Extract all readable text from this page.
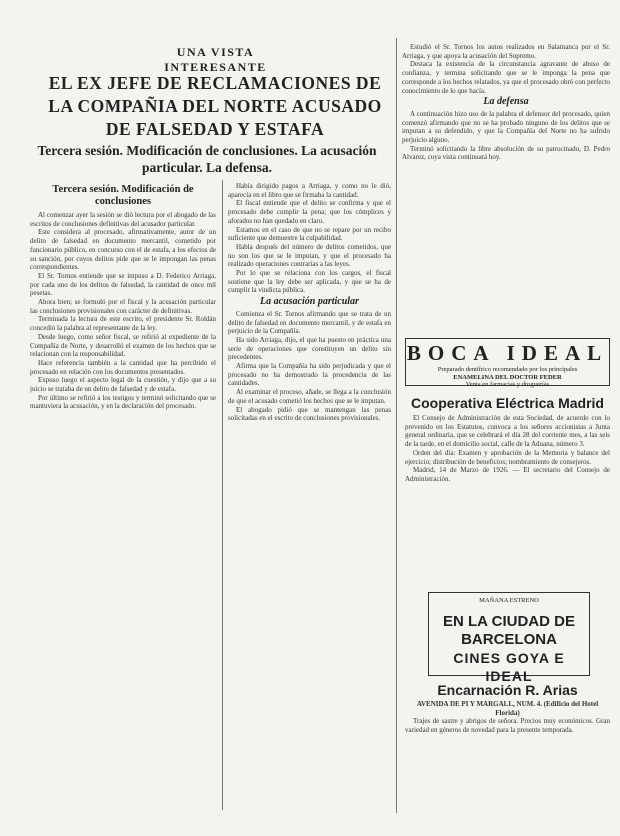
UNA VISTA INTERESANTE
EL EX JEFE DE RECLAMACIONES DE LA COMPAÑIA DEL NORTE ACUSADO DE FALSEDAD Y ESTAFA
Tercera sesión. Modificación de conclusiones. La acusación particular. La defensa.
Tercera sesión. Modificación de conclusiones

Al comenzar ayer la sesión se dió lectura por el abogado de las escritos de conclusiones definitivas del acusador particular.

Este considera al procesado, afirmativamente, autor de un delito de falsedad en documento mercantil, cometido por funcionario público, en concurso con el de estafa, a los efectos de su sanción, por cuyos delitos pide que se le impongan las penas correspondientes.

El Sr. Tornos entiende que se impuso a D. Federico Arriaga, por cada uno de los delitos de falsedad, la cantidad de once mil pesetas.

Ahora bien; se formuló por el fiscal y la acusación particular las conclusiones provisionales con carácter de definitivas.

Terminada la lectura de este escrito, el presidente Sr. Roldán concedió la palabra al representante de la ley.

Desde luego, como señor fiscal, se refirió al expediente de la Compañía de Norte, y desarrolló el examen de los hechos que se relacionan con la responsabilidad.

Hace referencia también a la cantidad que ha percibido el procesado en relación con los documentos presentados.

Expuso luego el aspecto legal de la cuestión, y dijo que a su juicio se trataba de un delito de falsedad y de estafa.

Por último se refirió a los testigos y terminó solicitando que se mantuviera la acusación, y en la declaración del procesado.

Había dirigido pagos a Arriaga, y como no le dió, aparecía en el libro que se firmaba la cantidad.

El fiscal entiende que el delito se confirma y que el procesado debe cumplir la pena; que los cómplices y aforados no han quedado en claro.

Estamos en el caso de que no se repare por un recibo suficiente que demuestre la culpabilidad.

Habla después del número de delitos cometidos, que no son los que se le imputan, y que el procesado ha realizado operaciones contrarias a las leyes.

Por lo que se relaciona con los cargos, el fiscal sostiene que la ley debe ser aplicada, y que se ha de cumplir la vindicta pública.

La acusación particular

Comienza el Sr. Tornos afirmando que se trata de un delito de falsedad en documento mercantil, y de estafa en perjuicio de la Compañía.

Ha sido Arriaga, dijo, el que ha puesto en práctica una serie de operaciones que constituyen un delito sin precedentes.

Afirma que la Compañía ha sido perjudicada y que el procesado no ha demostrado la procedencia de las cantidades.

Al examinar el proceso, añade, se llega a la conclusión de que el acusado cometió los hechos que se le imputan.

El abogado pidió que se mantengan las penas solicitadas en el escrito de conclusiones provisionales.

Estudió el Sr. Tornos los autos realizados en Salamanca por el Sr. Arriaga, y que apoya la acusación del Supremo.

Destaca la existencia de la circunstancia agravante de abuso de confianza, y termina solicitando que se le imponga la pena que corresponde a los hechos relatados, ya que el procesado obró con perfecto conocimiento de lo que hacía.

La defensa

A continuación hizo uso de la palabra el defensor del procesado, quien comenzó afirmando que no se ha probado ninguno de los delitos que se imputan a su defendido, y que la Compañía del Norte no ha sufrido perjuicio alguno.

Terminó solicitando la libre absolución de su patrocinado, D. Pedro Alvarez, cuya vista continuará hoy.

BOCA IDEAL
Preparado dentífrico recomendado por los principales
ENAMELINA DEL DOCTOR FEDER
Venta en farmacias y droguerías
Cooperativa Eléctrica Madrid

El Consejo de Administración de esta Sociedad, de acuerdo con lo prevenido en los Estatutos, convoca a los señores accionistas a Junta general ordinaria, que se celebrará el día 28 del corriente mes, a las seis de la tarde, en el domicilio social, calle de la Aduana, número 3.

Orden del día: Examen y aprobación de la Memoria y balance del ejercicio; distribución de beneficios; nombramiento de consejeros.

Madrid, 14 de Marzo de 1926. — El secretario del Consejo de Administración.

MAÑANA ESTRENO
EN LA CIUDAD DE BARCELONA
CINES GOYA E IDEAL
Encarnación R. Arias

AVENIDA DE PI Y MARGALL, NUM. 4. (Edificio del Hotel Florida)

Trajes de sastre y abrigos de señora. Precios muy económicos. Gran variedad en géneros de novedad para la presente temporada.
